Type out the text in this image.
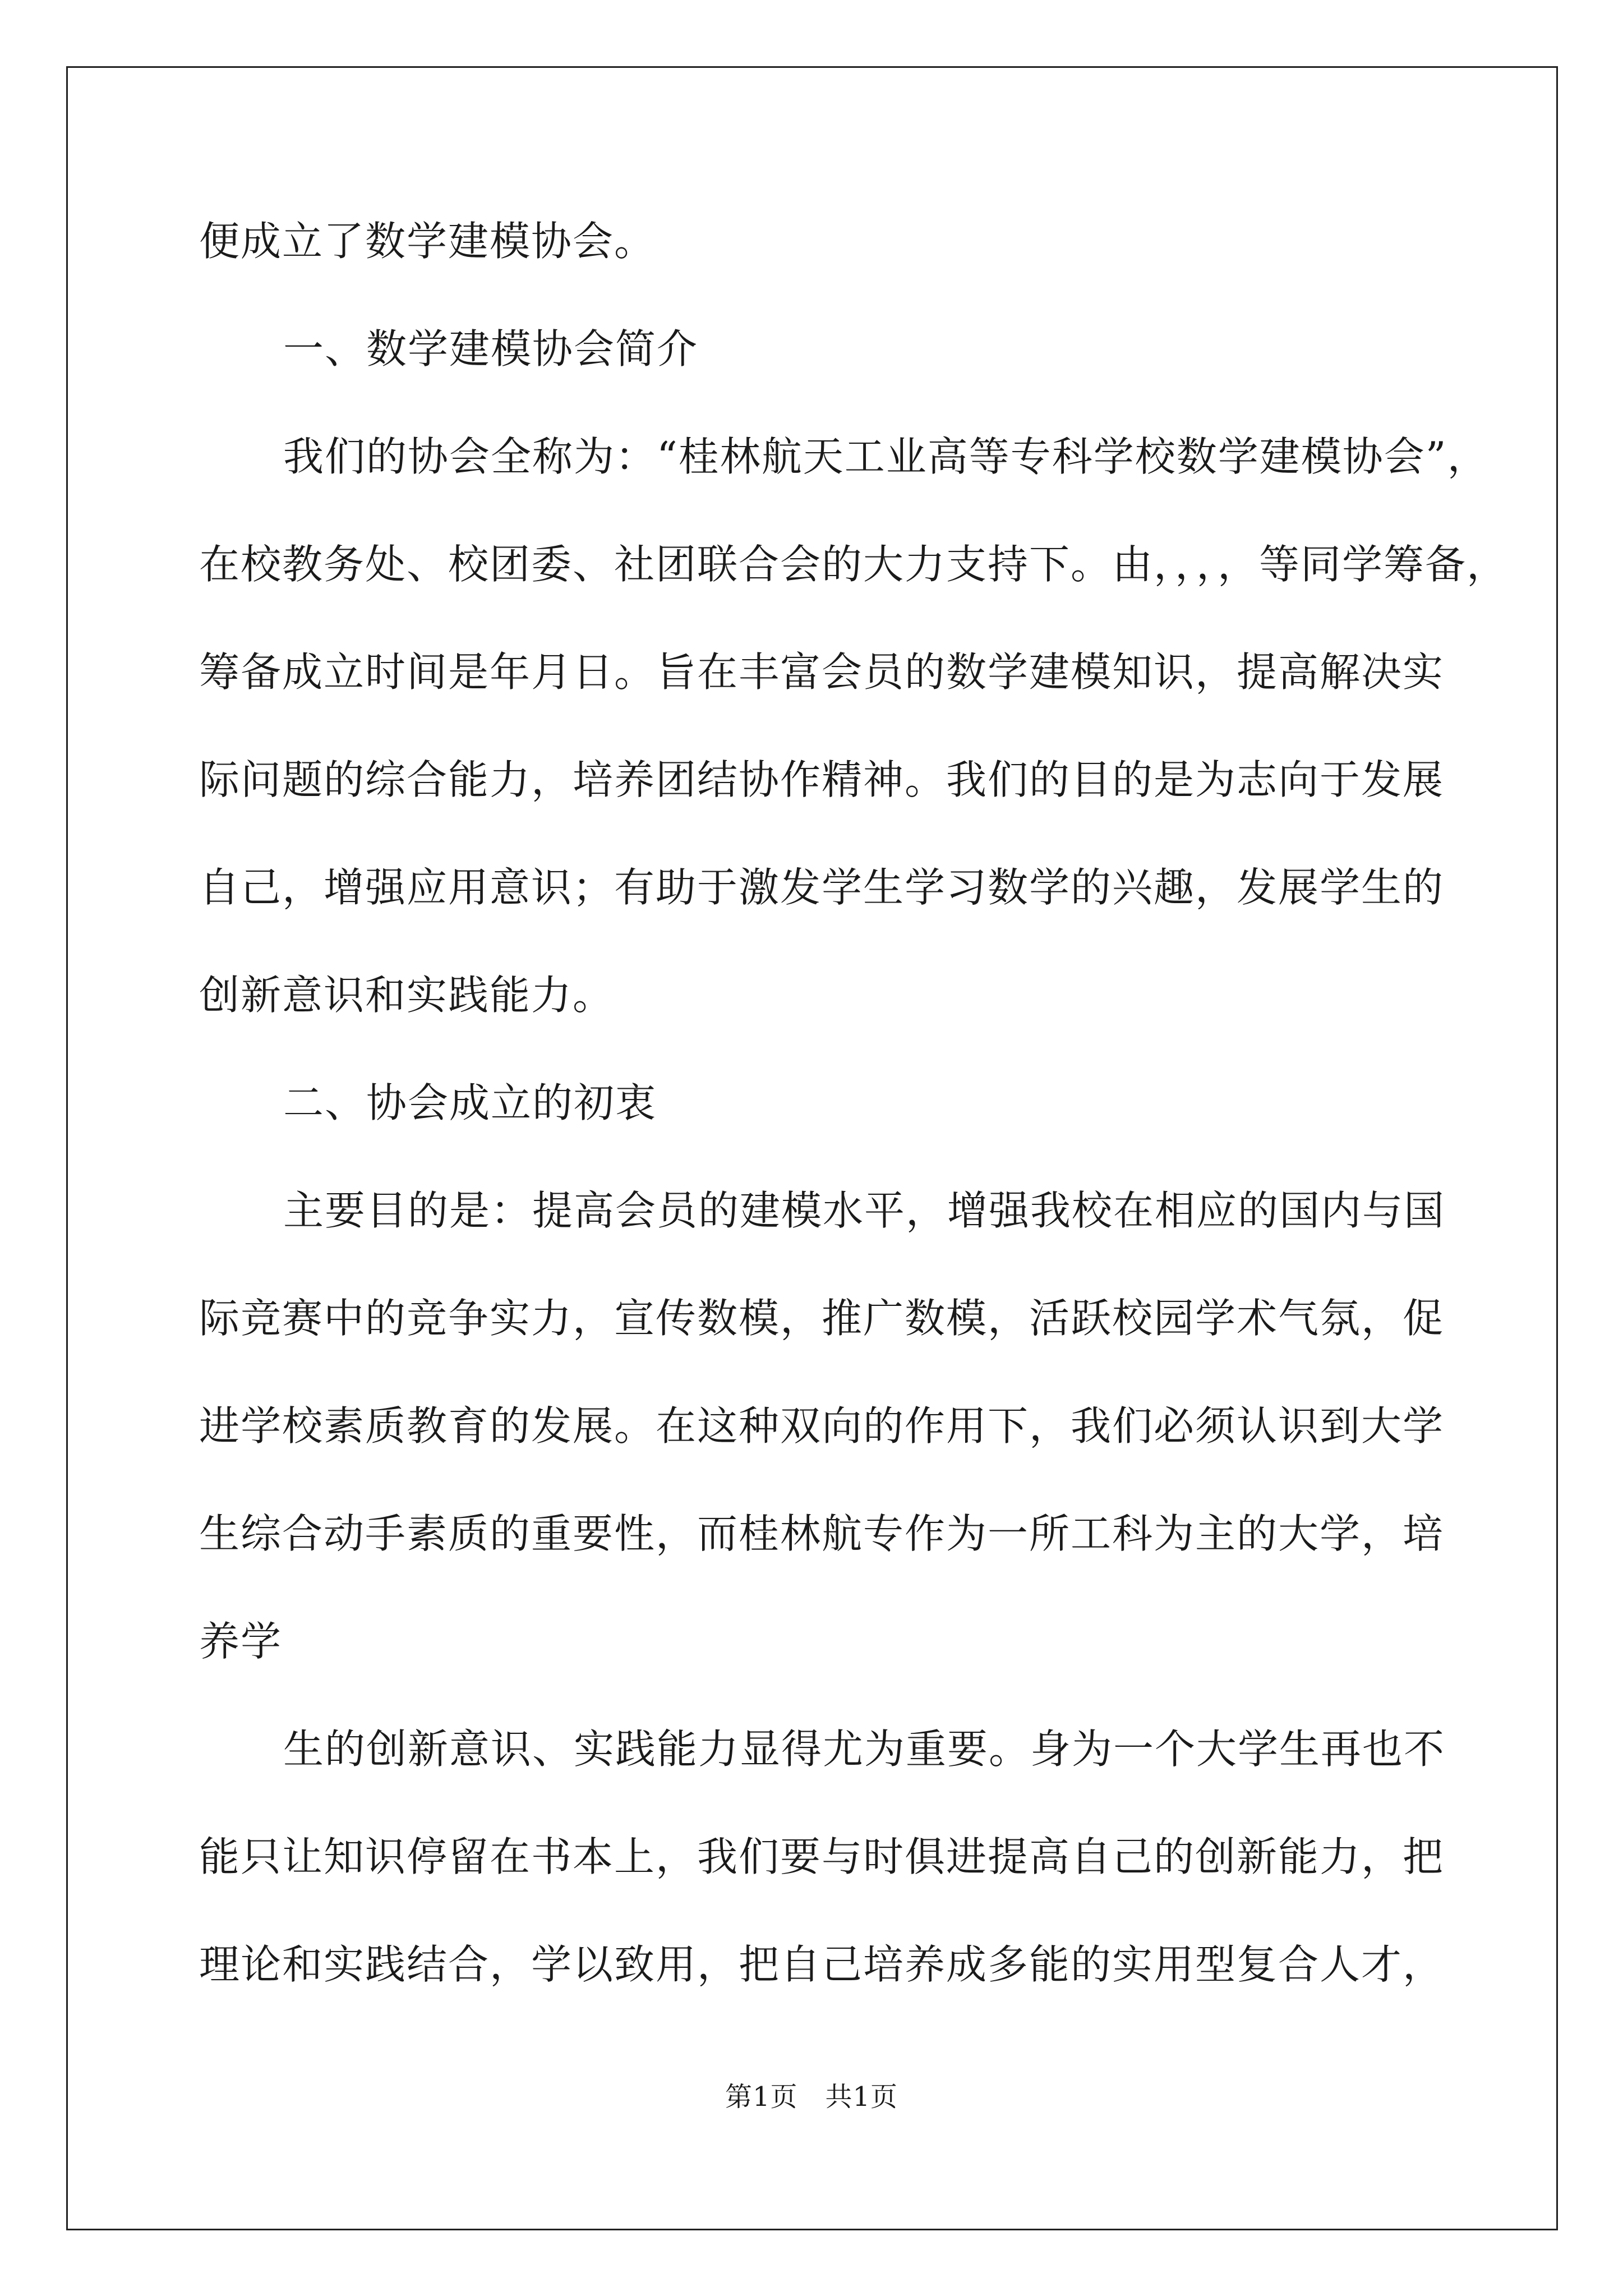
便成立了数学建模协会。
一、数学建模协会简介
我们的协会全称为：“桂林航天工业高等专科学校数学建模协会”，
在校教务处、校团委、社团联合会的大力支持下。由，，，，等同学筹备，
筹备成立时间是年月日。旨在丰富会员的数学建模知识，提高解决实
际问题的综合能力，培养团结协作精神。我们的目的是为志向于发展
自己，增强应用意识；有助于激发学生学习数学的兴趣，发展学生的
创新意识和实践能力。
二、协会成立的初衷
主要目的是：提高会员的建模水平，增强我校在相应的国内与国
际竞赛中的竞争实力，宣传数模，推广数模，活跃校园学术气氛，促
进学校素质教育的发展。在这种双向的作用下，我们必须认识到大学
生综合动手素质的重要性，而桂林航专作为一所工科为主的大学，培
养学
生的创新意识、实践能力显得尤为重要。身为一个大学生再也不
能只让知识停留在书本上，我们要与时俱进提高自己的创新能力，把
理论和实践结合，学以致用，把自己培养成多能的实用型复合人才，
第1页　共1页
